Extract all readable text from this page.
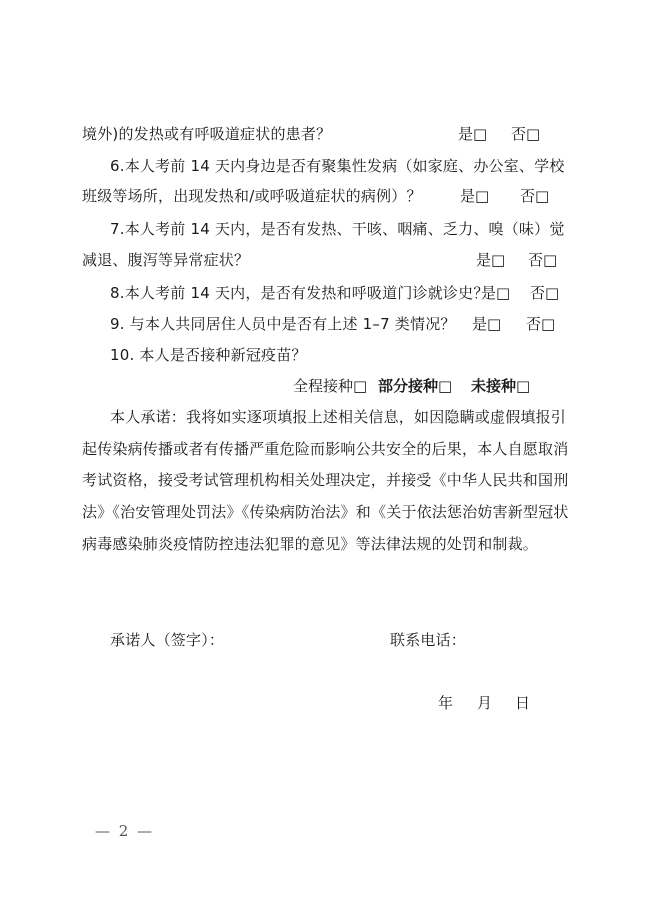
境外)的发热或有呼吸道症状的患者？	是□ 否□
6.本人考前 14 天内身边是否有聚集性发病（如家庭、办公室、学校
班级等场所，出现发热和/或呼吸道症状的病例）？	是□ 否□
7.本人考前 14 天内，是否有发热、干咳、咽痛、乏力、嗅（味）觉
减退、腹泻等异常症状？	是□ 否□
8.本人考前 14 天内，是否有发热和呼吸道门诊就诊史？
是□ 否□
9. 与本人共同居住人员中是否有上述 1–7 类情况？ 是□ 否□
10. 本人是否接种新冠疫苗？
全程接种□ 部分接种□ 未接种□
本人承诺：我将如实逐项填报上述相关信息，如因隐瞒或虚假填报引
起传染病传播或者有传播严重危险而影响公共安全的后果，本人自愿取消
考试资格，接受考试管理机构相关处理决定，并接受《中华人民共和国刑
法》《治安管理处罚法》《传染病防治法》和《关于依法惩治妨害新型冠状
病毒感染肺炎疫情防控违法犯罪的意见》等法律法规的处罚和制裁。
承诺人（签字）：	联系电话：
年 月 日
— 2 —
